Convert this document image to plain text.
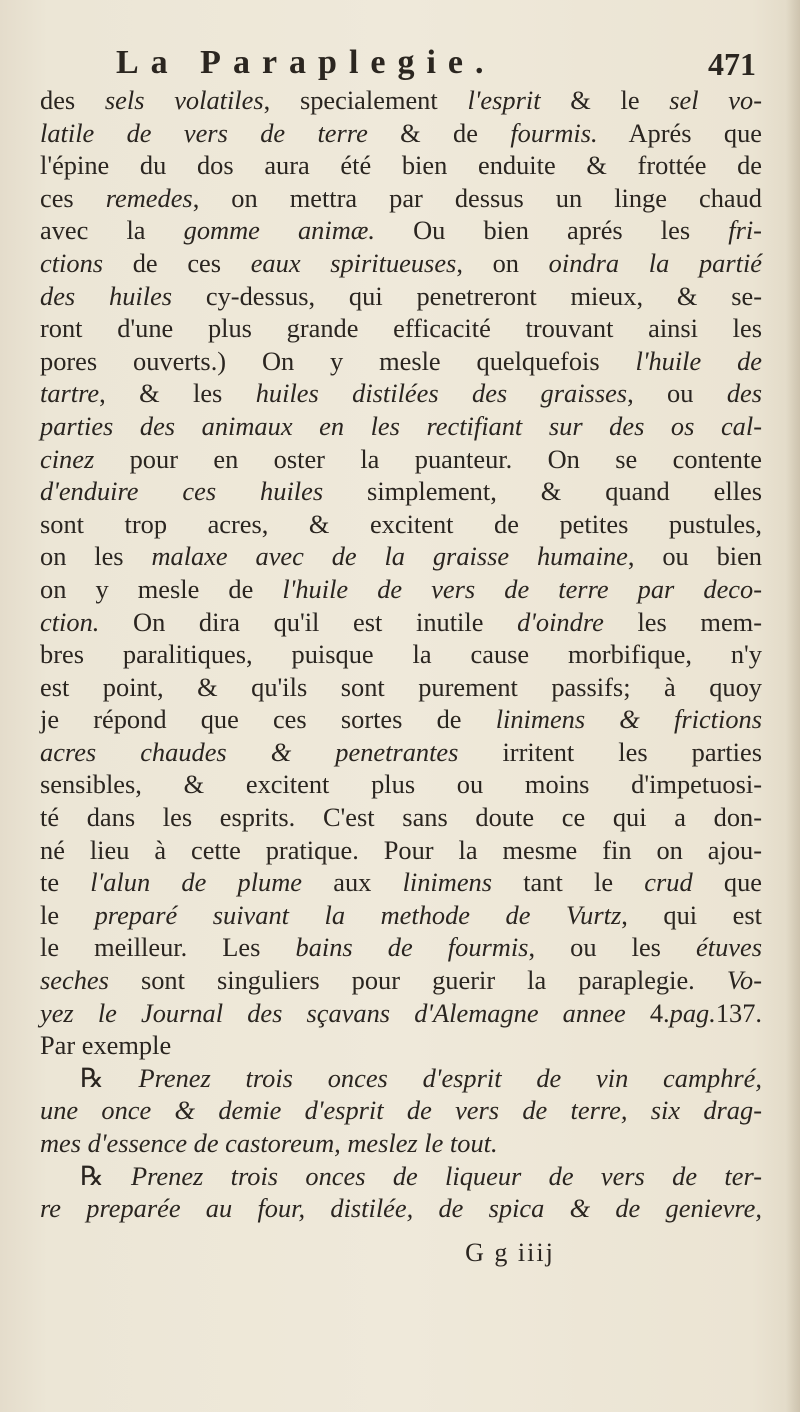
La Paraplegie.	471

des sels volatiles, specialement l'esprit & le sel vo-
latile de vers de terre & de fourmis. Aprés que
l'épine du dos aura été bien enduite & frottée de
ces remedes, on mettra par dessus un linge chaud
avec la gomme animæ. Ou bien aprés les fri-
ctions de ces eaux spiritueuses, on oindra la partié
des huiles cy-dessus, qui penetreront mieux, & se-
ront d'une plus grande efficacité trouvant ainsi les
pores ouverts.) On y mesle quelquefois l'huile de
tartre, & les huiles distilées des graisses, ou des
parties des animaux en les rectifiant sur des os cal-
cinez pour en oster la puanteur. On se contente
d'enduire ces huiles simplement, & quand elles
sont trop acres, & excitent de petites pustules,
on les malaxe avec de la graisse humaine, ou bien
on y mesle de l'huile de vers de terre par deco-
ction. On dira qu'il est inutile d'oindre les mem-
bres paralitiques, puisque la cause morbifique, n'y
est point, & qu'ils sont purement passifs; à quoy
je répond que ces sortes de linimens & frictions
acres chaudes & penetrantes irritent les parties
sensibles, & excitent plus ou moins d'impetuosi-
té dans les esprits. C'est sans doute ce qui a don-
né lieu à cette pratique. Pour la mesme fin on ajou-
te l'alun de plume aux linimens tant le crud que
le preparé suivant la methode de Vurtz, qui est
le meilleur. Les bains de fourmis, ou les étuves
seches sont singuliers pour guerir la paraplegie. Vo-
yez le Journal des sçavans d'Alemagne annee 4.pag.137.
Par exemple
℞ Prenez trois onces d'esprit de vin camphré,
une once & demie d'esprit de vers de terre, six drag-
mes d'essence de castoreum, meslez le tout.
℞ Prenez trois onces de liqueur de vers de ter-
re preparée au four, distilée, de spica & de genievre,

G g iiij
